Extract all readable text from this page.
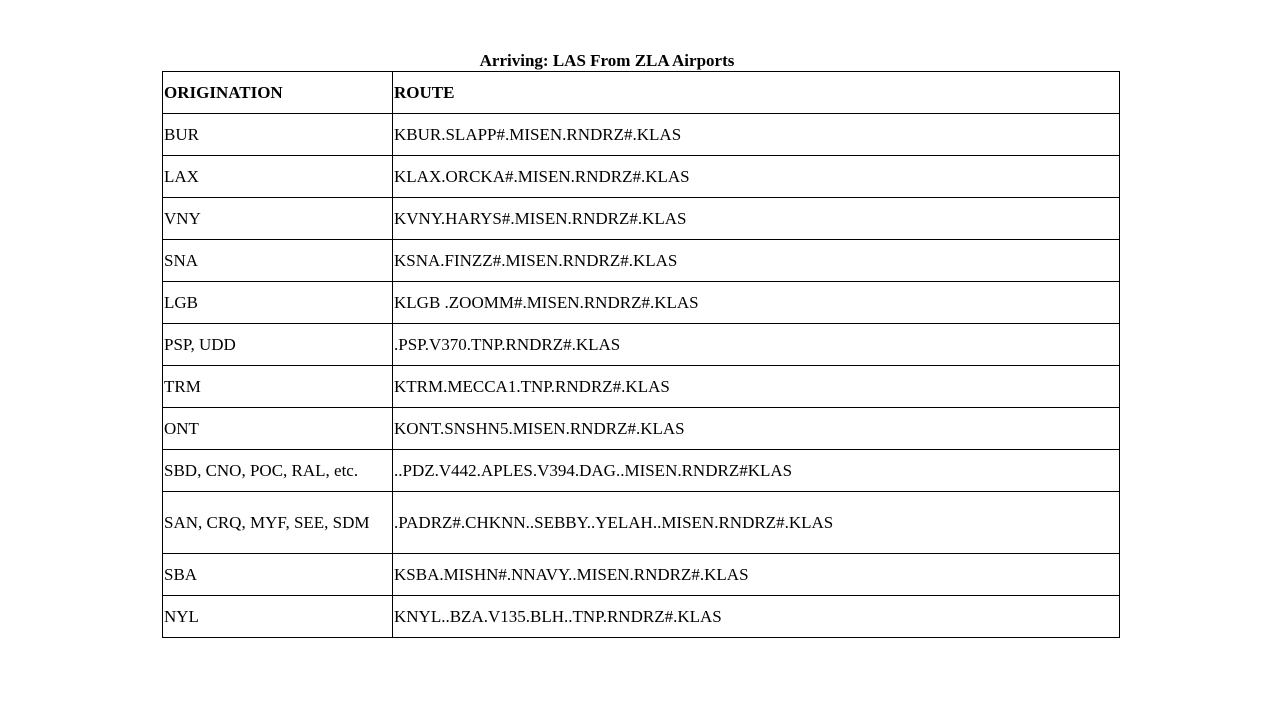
Arriving: LAS From ZLA Airports
ORIGINATION	ROUTE
BUR	KBUR.SLAPP#.MISEN.RNDRZ#.KLAS
LAX	KLAX.ORCKA#.MISEN.RNDRZ#.KLAS
VNY	KVNY.HARYS#.MISEN.RNDRZ#.KLAS
SNA	KSNA.FINZZ#.MISEN.RNDRZ#.KLAS
LGB	KLGB .ZOOMM#.MISEN.RNDRZ#.KLAS
PSP, UDD	.PSP.V370.TNP.RNDRZ#.KLAS
TRM	KTRM.MECCA1.TNP.RNDRZ#.KLAS
ONT	KONT.SNSHN5.MISEN.RNDRZ#.KLAS
SBD, CNO, POC, RAL, etc.	..PDZ.V442.APLES.V394.DAG..MISEN.RNDRZ#KLAS
SAN, CRQ, MYF, SEE, SDM	.PADRZ#.CHKNN..SEBBY..YELAH..MISEN.RNDRZ#.KLAS
SBA	KSBA.MISHN#.NNAVY..MISEN.RNDRZ#.KLAS
NYL	KNYL..BZA.V135.BLH..TNP.RNDRZ#.KLAS
